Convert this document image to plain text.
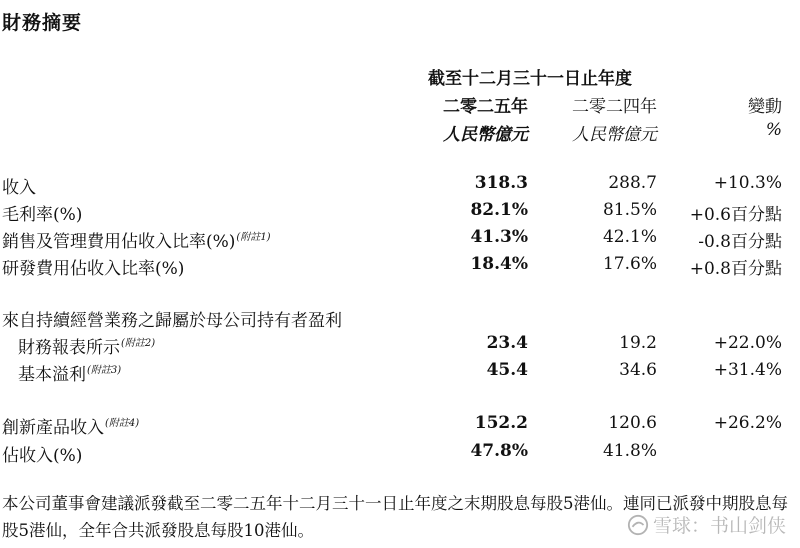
財務摘要
截至十二月三十一日止年度
二零二五年	二零二四年	變動
人民幣億元	人民幣億元	%
收入	318.3	288.7	+10.3%
毛利率(%)	82.1%	81.5% +0.6百分點
銷售及管理費用佔收入比率(%)$^{(附註1)}$	41.3%	42.1% -0.8百分點
研發費用佔收入比率(%)	18.4%	17.6% +0.8百分點
來自持續經營業務之歸屬於母公司持有者盈利
財務報表所示$^{(附註2)}$	23.4	19.2	+22.0%
基本溢利$^{(附註3)}$	45.4	34.6	+31.4%
創新產品收入$^{(附註4)}$	152.2	120.6	+26.2%
佔收入(%)	47.8%	41.8%
本公司董事會建議派發截至二零二五年十二月三十一日止年度之末期股息每股5港仙。連同已派發中期股息每股5港仙，全年合共派發股息每股10港仙。	雪球：书山剑侠
